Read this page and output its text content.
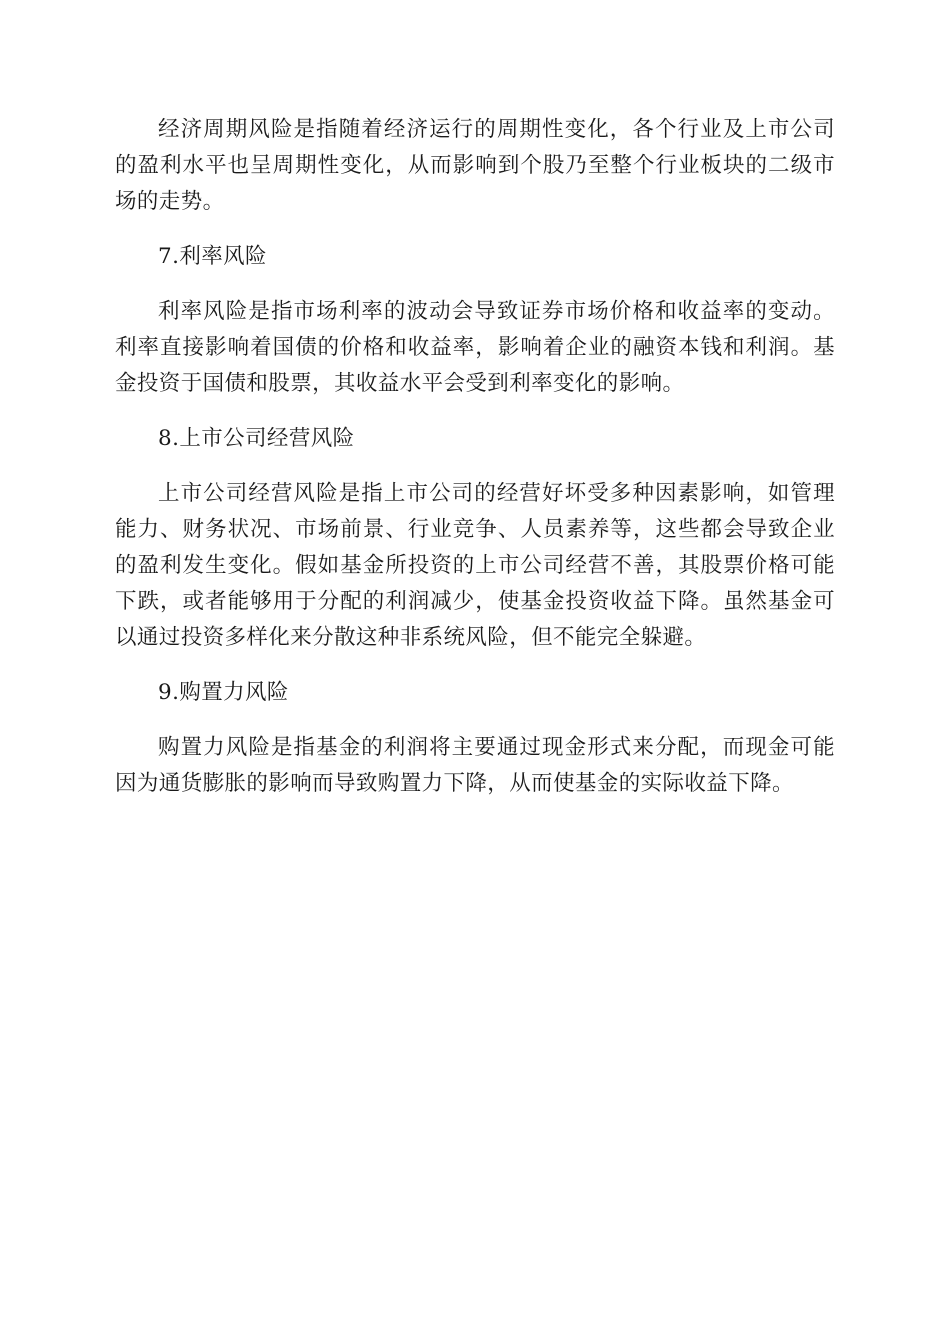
经济周期风险是指随着经济运行的周期性变化，各个行业及上市公司的盈利水平也呈周期性变化，从而影响到个股乃至整个行业板块的二级市场的走势。

7.利率风险

利率风险是指市场利率的波动会导致证券市场价格和收益率的变动。利率直接影响着国债的价格和收益率，影响着企业的融资本钱和利润。基金投资于国债和股票，其收益水平会受到利率变化的影响。

8.上市公司经营风险

上市公司经营风险是指上市公司的经营好坏受多种因素影响，如管理能力、财务状况、市场前景、行业竞争、人员素养等，这些都会导致企业的盈利发生变化。假如基金所投资的上市公司经营不善，其股票价格可能下跌，或者能够用于分配的利润减少，使基金投资收益下降。虽然基金可以通过投资多样化来分散这种非系统风险，但不能完全躲避。

9.购置力风险

购置力风险是指基金的利润将主要通过现金形式来分配，而现金可能因为通货膨胀的影响而导致购置力下降，从而使基金的实际收益下降。
